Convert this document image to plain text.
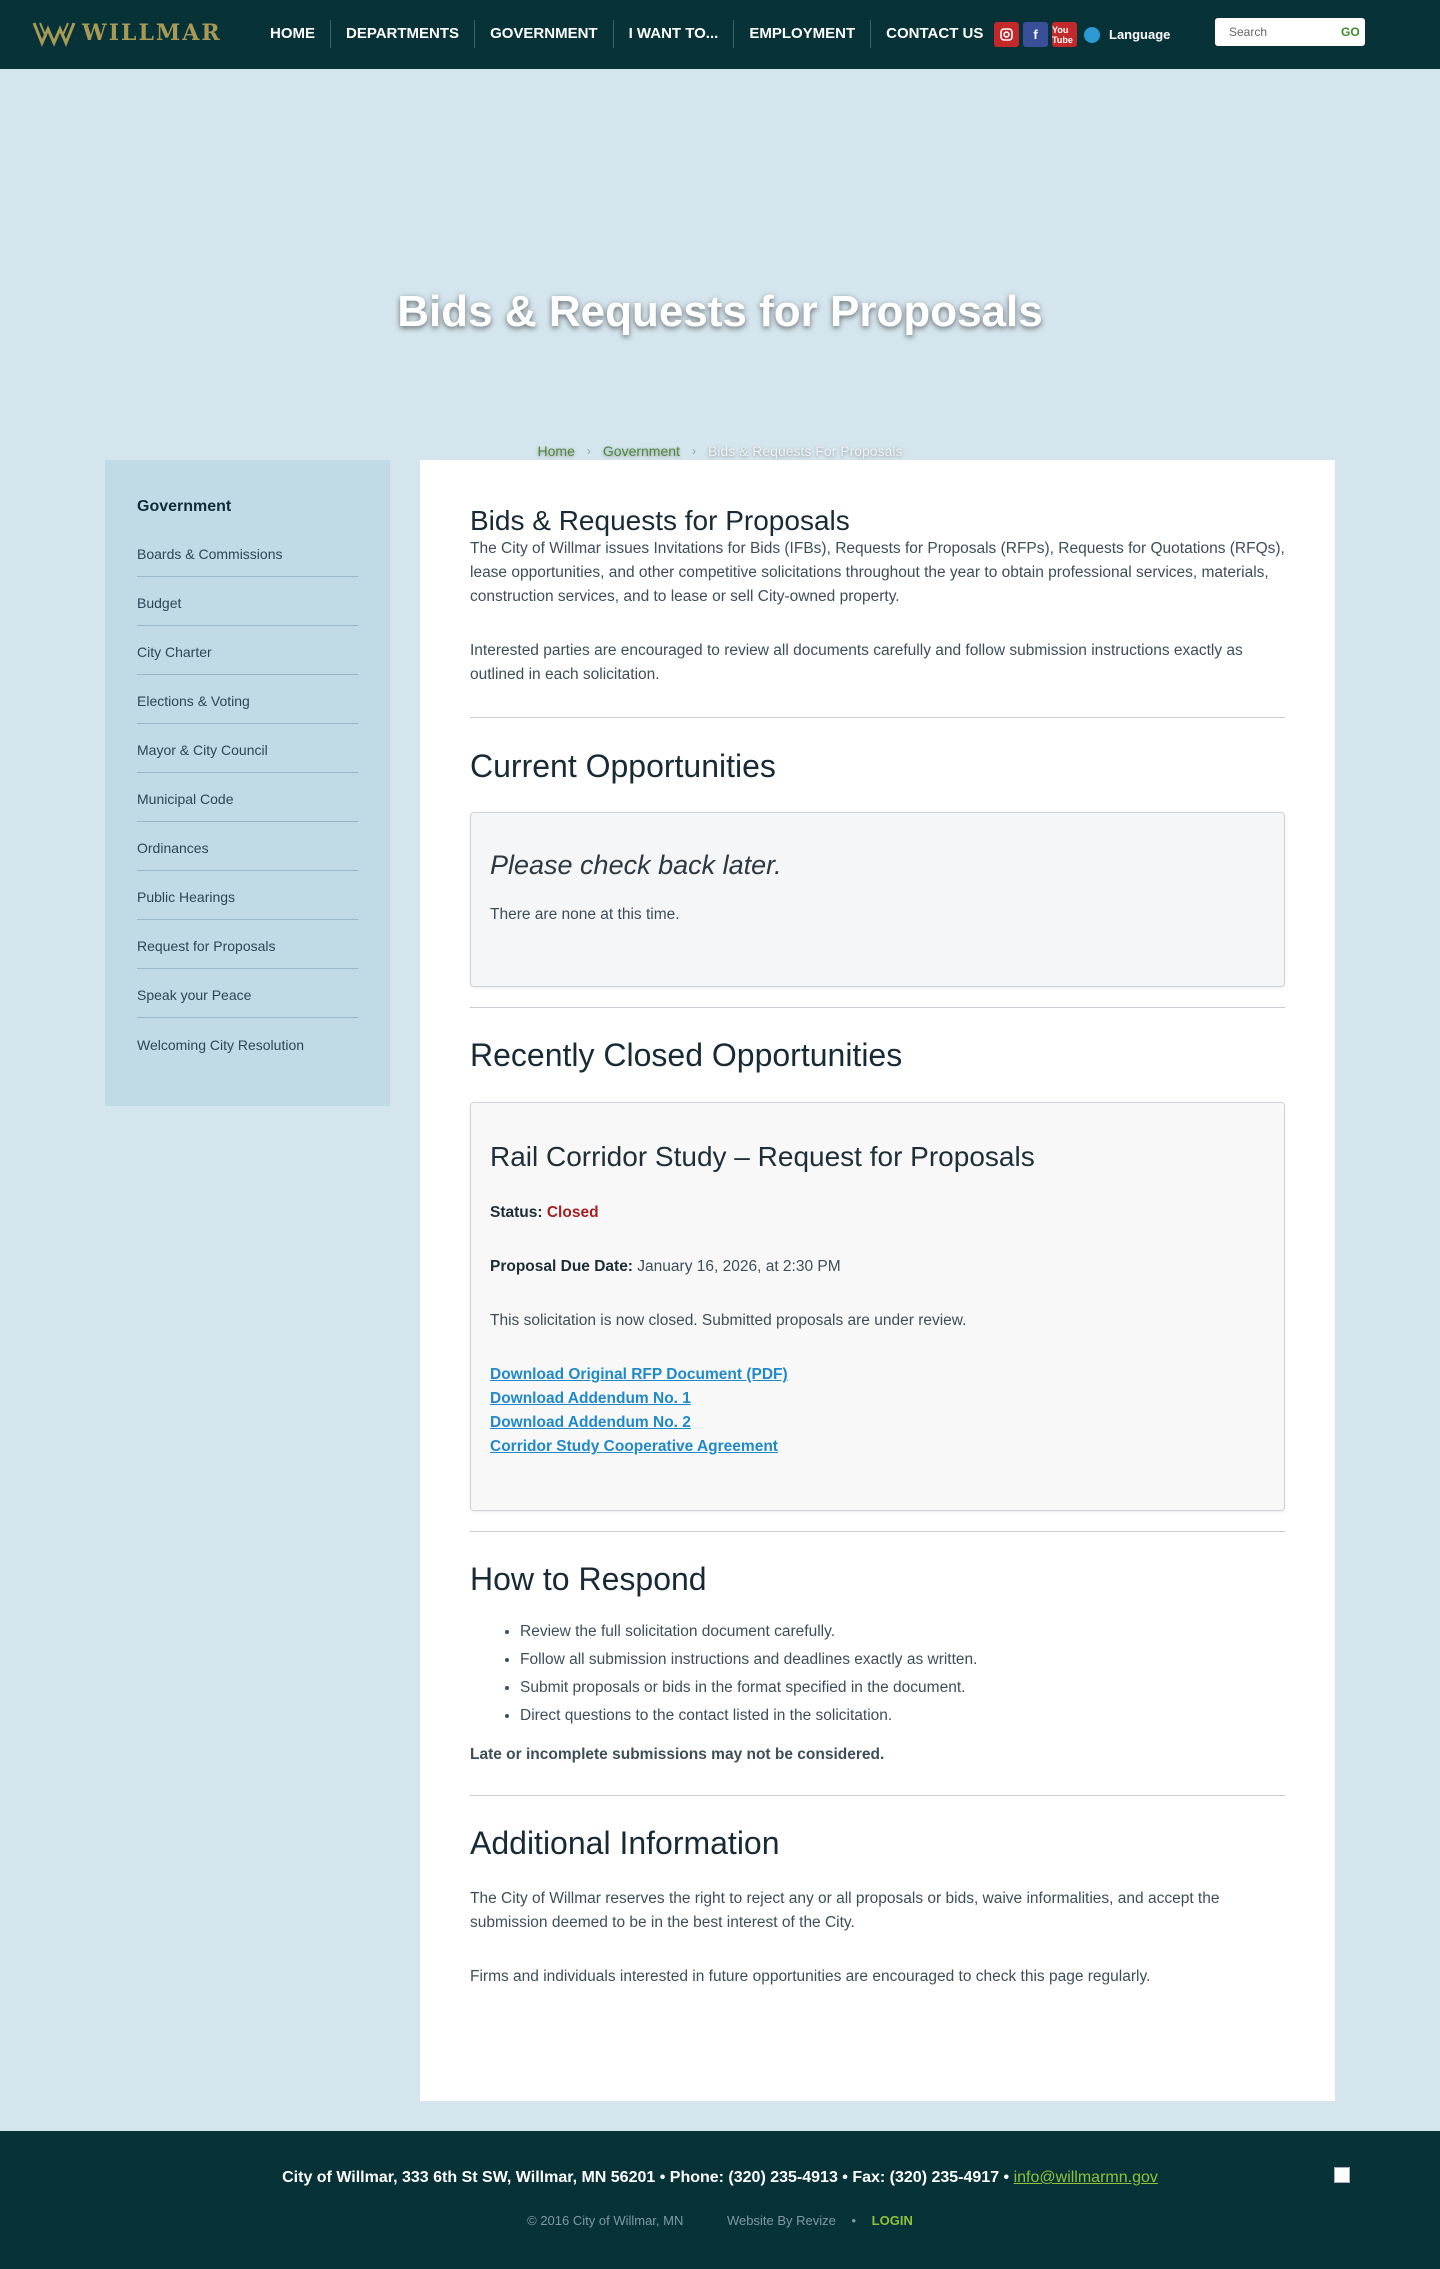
WILLMAR	HOME	DEPARTMENTS	GOVERNMENT	I WANT TO...	EMPLOYMENT	CONTACT US	f	You Tube	Language
Search	GO
Bids & Requests for Proposals
Home › Government › Bids & Requests For Proposals
Government
Boards & Commissions
Budget
City Charter
Elections & Voting
Mayor & City Council
Municipal Code
Ordinances
Public Hearings
Request for Proposals
Speak your Peace
Welcoming City Resolution
Bids & Requests for Proposals

The City of Willmar issues Invitations for Bids (IFBs), Requests for Proposals (RFPs), Requests for Quotations (RFQs), lease opportunities, and other competitive solicitations throughout the year to obtain professional services, materials, construction services, and to lease or sell City-owned property.

Interested parties are encouraged to review all documents carefully and follow submission instructions exactly as outlined in each solicitation.

Current Opportunities
Please check back later.

There are none at this time.

Recently Closed Opportunities
Rail Corridor Study – Request for Proposals

Status: Closed

Proposal Due Date: January 16, 2026, at 2:30 PM

This solicitation is now closed. Submitted proposals are under review.

Download Original RFP Document (PDF)
Download Addendum No. 1
Download Addendum No. 2
Corridor Study Cooperative Agreement
How to Respond
• Review the full solicitation document carefully.
• Follow all submission instructions and deadlines exactly as written.
• Submit proposals or bids in the format specified in the document.
• Direct questions to the contact listed in the solicitation.

Late or incomplete submissions may not be considered.

Additional Information

The City of Willmar reserves the right to reject any or all proposals or bids, waive informalities, and accept the submission deemed to be in the best interest of the City.

Firms and individuals interested in future opportunities are encouraged to check this page regularly.

City of Willmar, 333 6th St SW, Willmar, MN 56201 • Phone: (320) 235-4913 • Fax: (320) 235-4917 • info@willmarmn.gov
© 2016 City of Willmar, MN	Website By Revize • LOGIN
